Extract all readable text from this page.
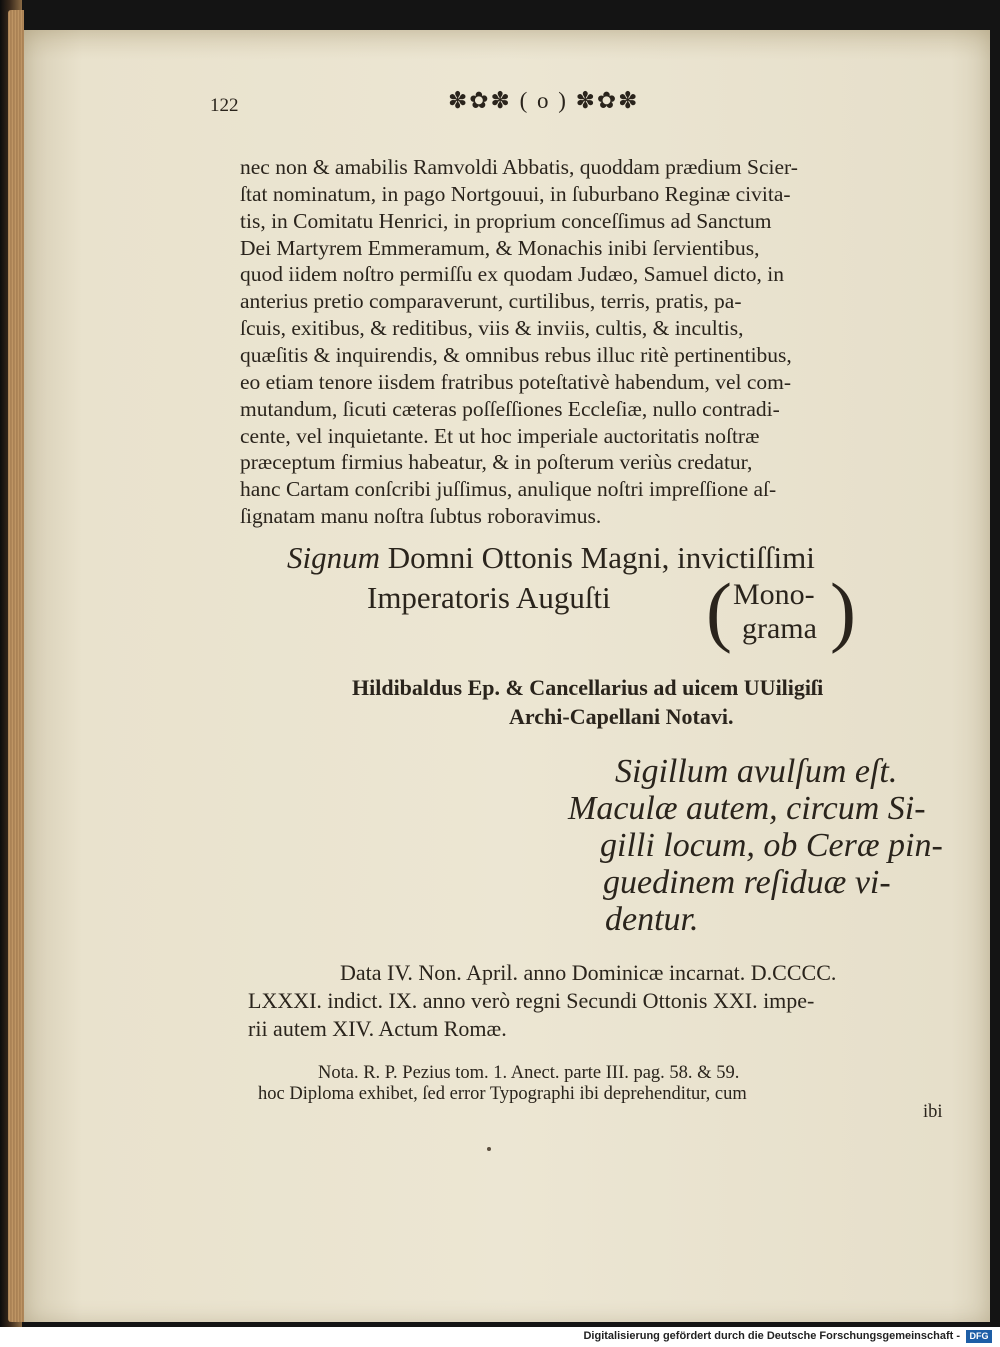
122	✽✿✽ ( o ) ✽✿✽
nec non & amabilis Ramvoldi Abbatis, quoddam prædium Scier-
ſtat nominatum, in pago Nortgouui, in ſuburbano Reginæ civita-
tis, in Comitatu Henrici, in proprium conceſſimus ad Sanctum
Dei Martyrem Emmeramum, & Monachis inibi ſervientibus,
quod iidem noſtro permiſſu ex quodam Judæo, Samuel dicto, in
anterius pretio comparaverunt, curtilibus, terris, pratis, pa-
ſcuis, exitibus, & reditibus, viis & inviis, cultis, & incultis,
quæſitis & inquirendis, & omnibus rebus illuc ritè pertinentibus,
eo etiam tenore iisdem fratribus poteſtativè habendum, vel com-
mutandum, ſicuti cæteras poſſeſſiones Eccleſiæ, nullo contradi-
cente, vel inquietante. Et ut hoc imperiale auctoritatis noſtræ
præceptum firmius habeatur, & in poſterum veriùs credatur,
hanc Cartam conſcribi juſſimus, anulique noſtri impreſſione aſ-
ſignatam manu noſtra ſubtus roboravimus.
Signum Domni Ottonis Magni, invictiſſimi
Imperatoris Auguſti ( )
Mono-
grama
Hildibaldus Ep. & Cancellarius ad uicem UUiligiſi
Archi-Capellani Notavi.
Sigillum avulſum eſt.
Maculæ autem, circum Si-
gilli locum, ob Ceræ pin-
guedinem reſiduæ vi-
dentur.
Data IV. Non. April. anno Dominicæ incarnat. D.CCCC.
LXXXI. indict. IX. anno verò regni Secundi Ottonis XXI. impe-
rii autem XIV. Actum Romæ.
Nota. R. P. Pezius tom. 1. Anect. parte III. pag. 58. & 59.
hoc Diploma exhibet, ſed error Typographi ibi deprehenditur, cum
ibi
Digitalisierung gefördert durch die Deutsche Forschungsgemeinschaft -	DFG
